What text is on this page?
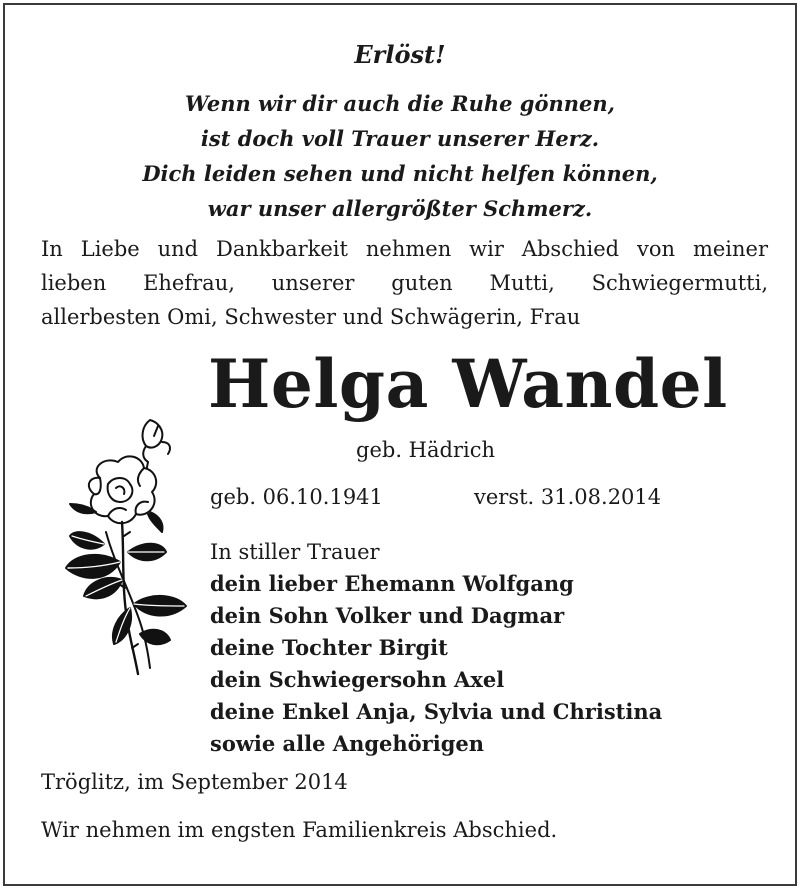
Erlöst!
Wenn wir dir auch die Ruhe gönnen,
ist doch voll Trauer unserer Herz.
Dich leiden sehen und nicht helfen können,
war unser allergrößter Schmerz.
In Liebe und Dankbarkeit nehmen wir Abschied von meiner
lieben Ehefrau, unserer guten Mutti, Schwiegermutti,
allerbesten Omi, Schwester und Schwägerin, Frau
Helga Wandel
geb. Hädrich
geb. 06.10.1941	verst. 31.08.2014
In stiller Trauer
dein lieber Ehemann Wolfgang
dein Sohn Volker und Dagmar
deine Tochter Birgit
dein Schwiegersohn Axel
deine Enkel Anja, Sylvia und Christina
sowie alle Angehörigen
Tröglitz, im September 2014
Wir nehmen im engsten Familienkreis Abschied.
